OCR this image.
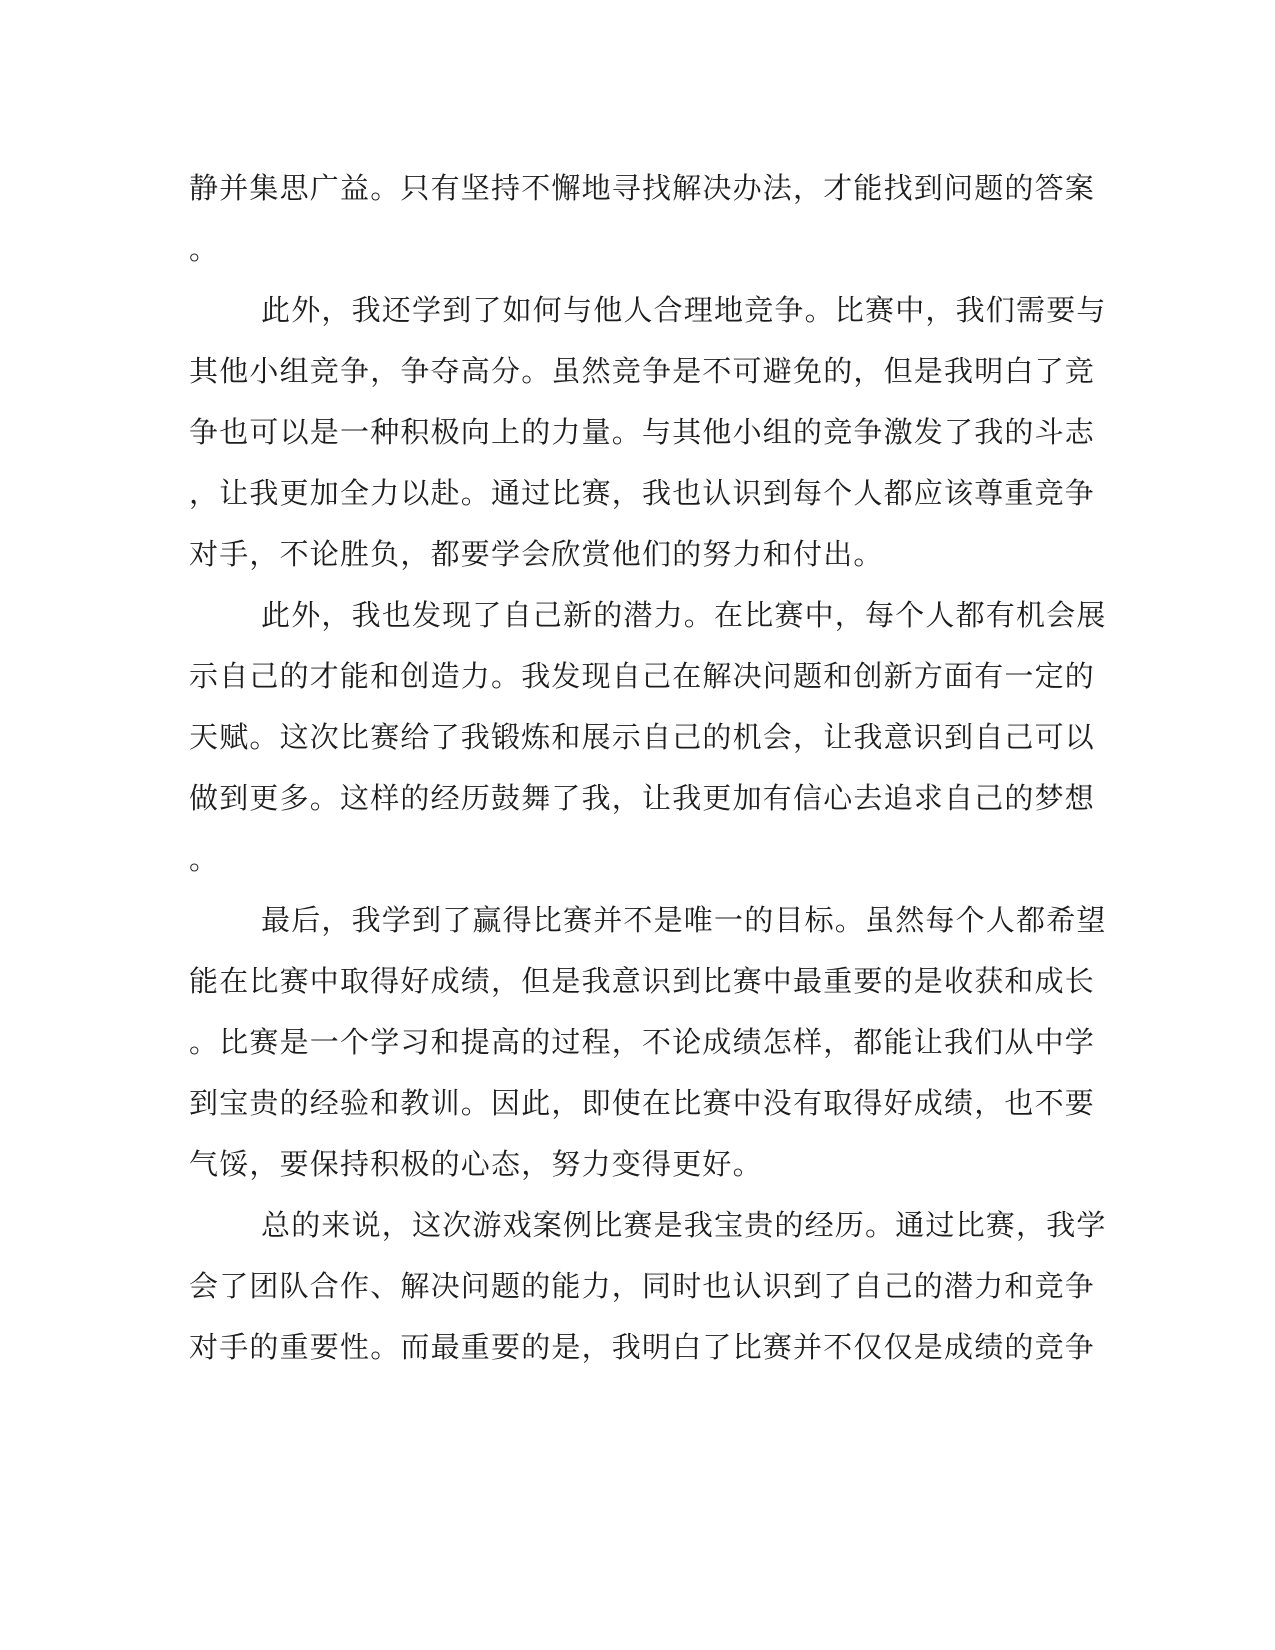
静并集思广益。只有坚持不懈地寻找解决办法，才能找到问题的答案
。
此外，我还学到了如何与他人合理地竞争。比赛中，我们需要与
其他小组竞争，争夺高分。虽然竞争是不可避免的，但是我明白了竞
争也可以是一种积极向上的力量。与其他小组的竞争激发了我的斗志
，让我更加全力以赴。通过比赛，我也认识到每个人都应该尊重竞争
对手，不论胜负，都要学会欣赏他们的努力和付出。
此外，我也发现了自己新的潜力。在比赛中，每个人都有机会展
示自己的才能和创造力。我发现自己在解决问题和创新方面有一定的
天赋。这次比赛给了我锻炼和展示自己的机会，让我意识到自己可以
做到更多。这样的经历鼓舞了我，让我更加有信心去追求自己的梦想
。
最后，我学到了赢得比赛并不是唯一的目标。虽然每个人都希望
能在比赛中取得好成绩，但是我意识到比赛中最重要的是收获和成长
。比赛是一个学习和提高的过程，不论成绩怎样，都能让我们从中学
到宝贵的经验和教训。因此，即使在比赛中没有取得好成绩，也不要
气馁，要保持积极的心态，努力变得更好。
总的来说，这次游戏案例比赛是我宝贵的经历。通过比赛，我学
会了团队合作、解决问题的能力，同时也认识到了自己的潜力和竞争
对手的重要性。而最重要的是，我明白了比赛并不仅仅是成绩的竞争
